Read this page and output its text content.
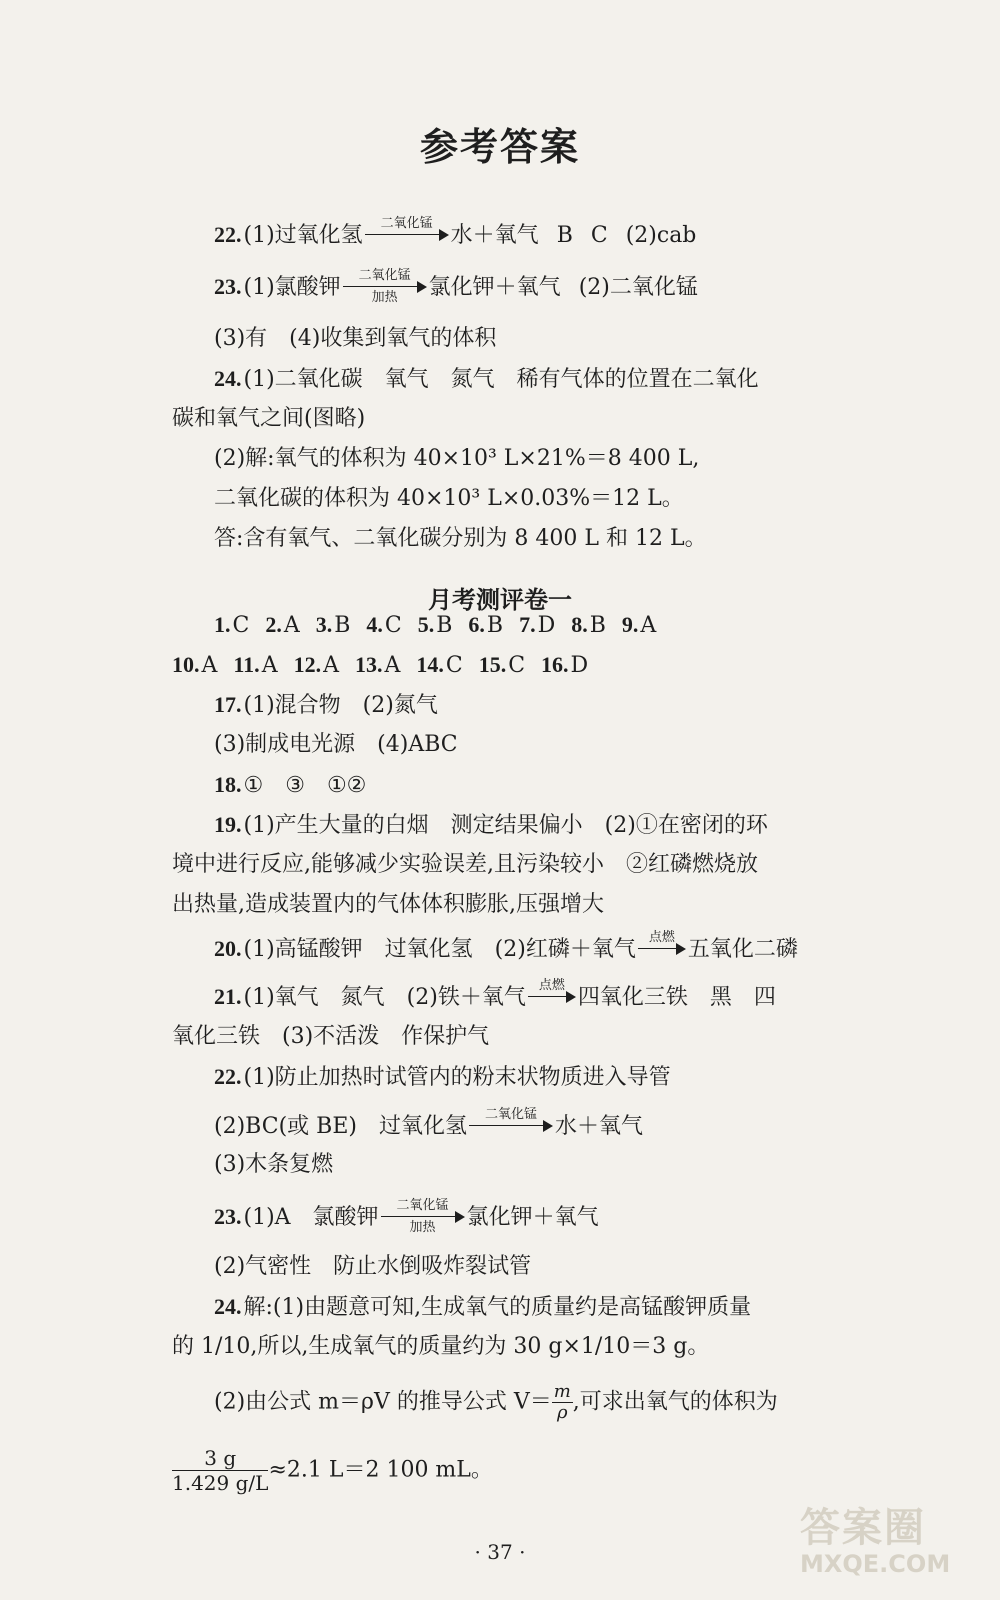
参考答案
22.(1)过氧化氢	二氧化锰 水＋氧气 B C (2)cab
23.(1)氯酸钾	二氧化锰
加热	氯化钾＋氧气 (2)二氧化锰
(3)有　(4)收集到氧气的体积
24.(1)二氧化碳　氧气　氮气　稀有气体的位置在二氧化
碳和氧气之间(图略)
(2)解:氧气的体积为 40×10³ L×21%＝8 400 L,
二氧化碳的体积为 40×10³ L×0.03%＝12 L。
答:含有氧气、二氧化碳分别为 8 400 L 和 12 L。
月考测评卷一
1.C 2.A 3.B 4.C 5.B 6.B 7.D 8.B 9.A
10.A 11.A 12.A 13.A 14.C 15.C 16.D
17.(1)混合物　(2)氮气
(3)制成电光源　(4)ABC
18.①　③　①②
19.(1)产生大量的白烟　测定结果偏小　(2)①在密闭的环
境中进行反应,能够减少实验误差,且污染较小　②红磷燃烧放
出热量,造成装置内的气体体积膨胀,压强增大
20.(1)高锰酸钾　过氧化氢　(2)红磷＋氧气 点燃 五氧化二磷
21.(1)氧气　氮气　(2)铁＋氧气 点燃 四氧化三铁　黑　四
氧化三铁　(3)不活泼　作保护气
22.(1)防止加热时试管内的粉末状物质进入导管
(2)BC(或 BE)　过氧化氢	二氧化锰 水＋氧气
(3)木条复燃
23.(1)A　氯酸钾	二氧化锰
加热	氯化钾＋氧气
(2)气密性　防止水倒吸炸裂试管
24.解:(1)由题意可知,生成氧气的质量约是高锰酸钾质量
的 1/10,所以,生成氧气的质量约为 30 g×1/10＝3 g。
(2)由公式 m＝ρV 的推导公式 $V= \frac{m}{\rho}$ ,可求出氧气的体积为
$\frac{3 g}{1.429 g/L} \approx 2.1$ L＝2 100 mL。
· 37 ·
答案圈
MXQE.COM
